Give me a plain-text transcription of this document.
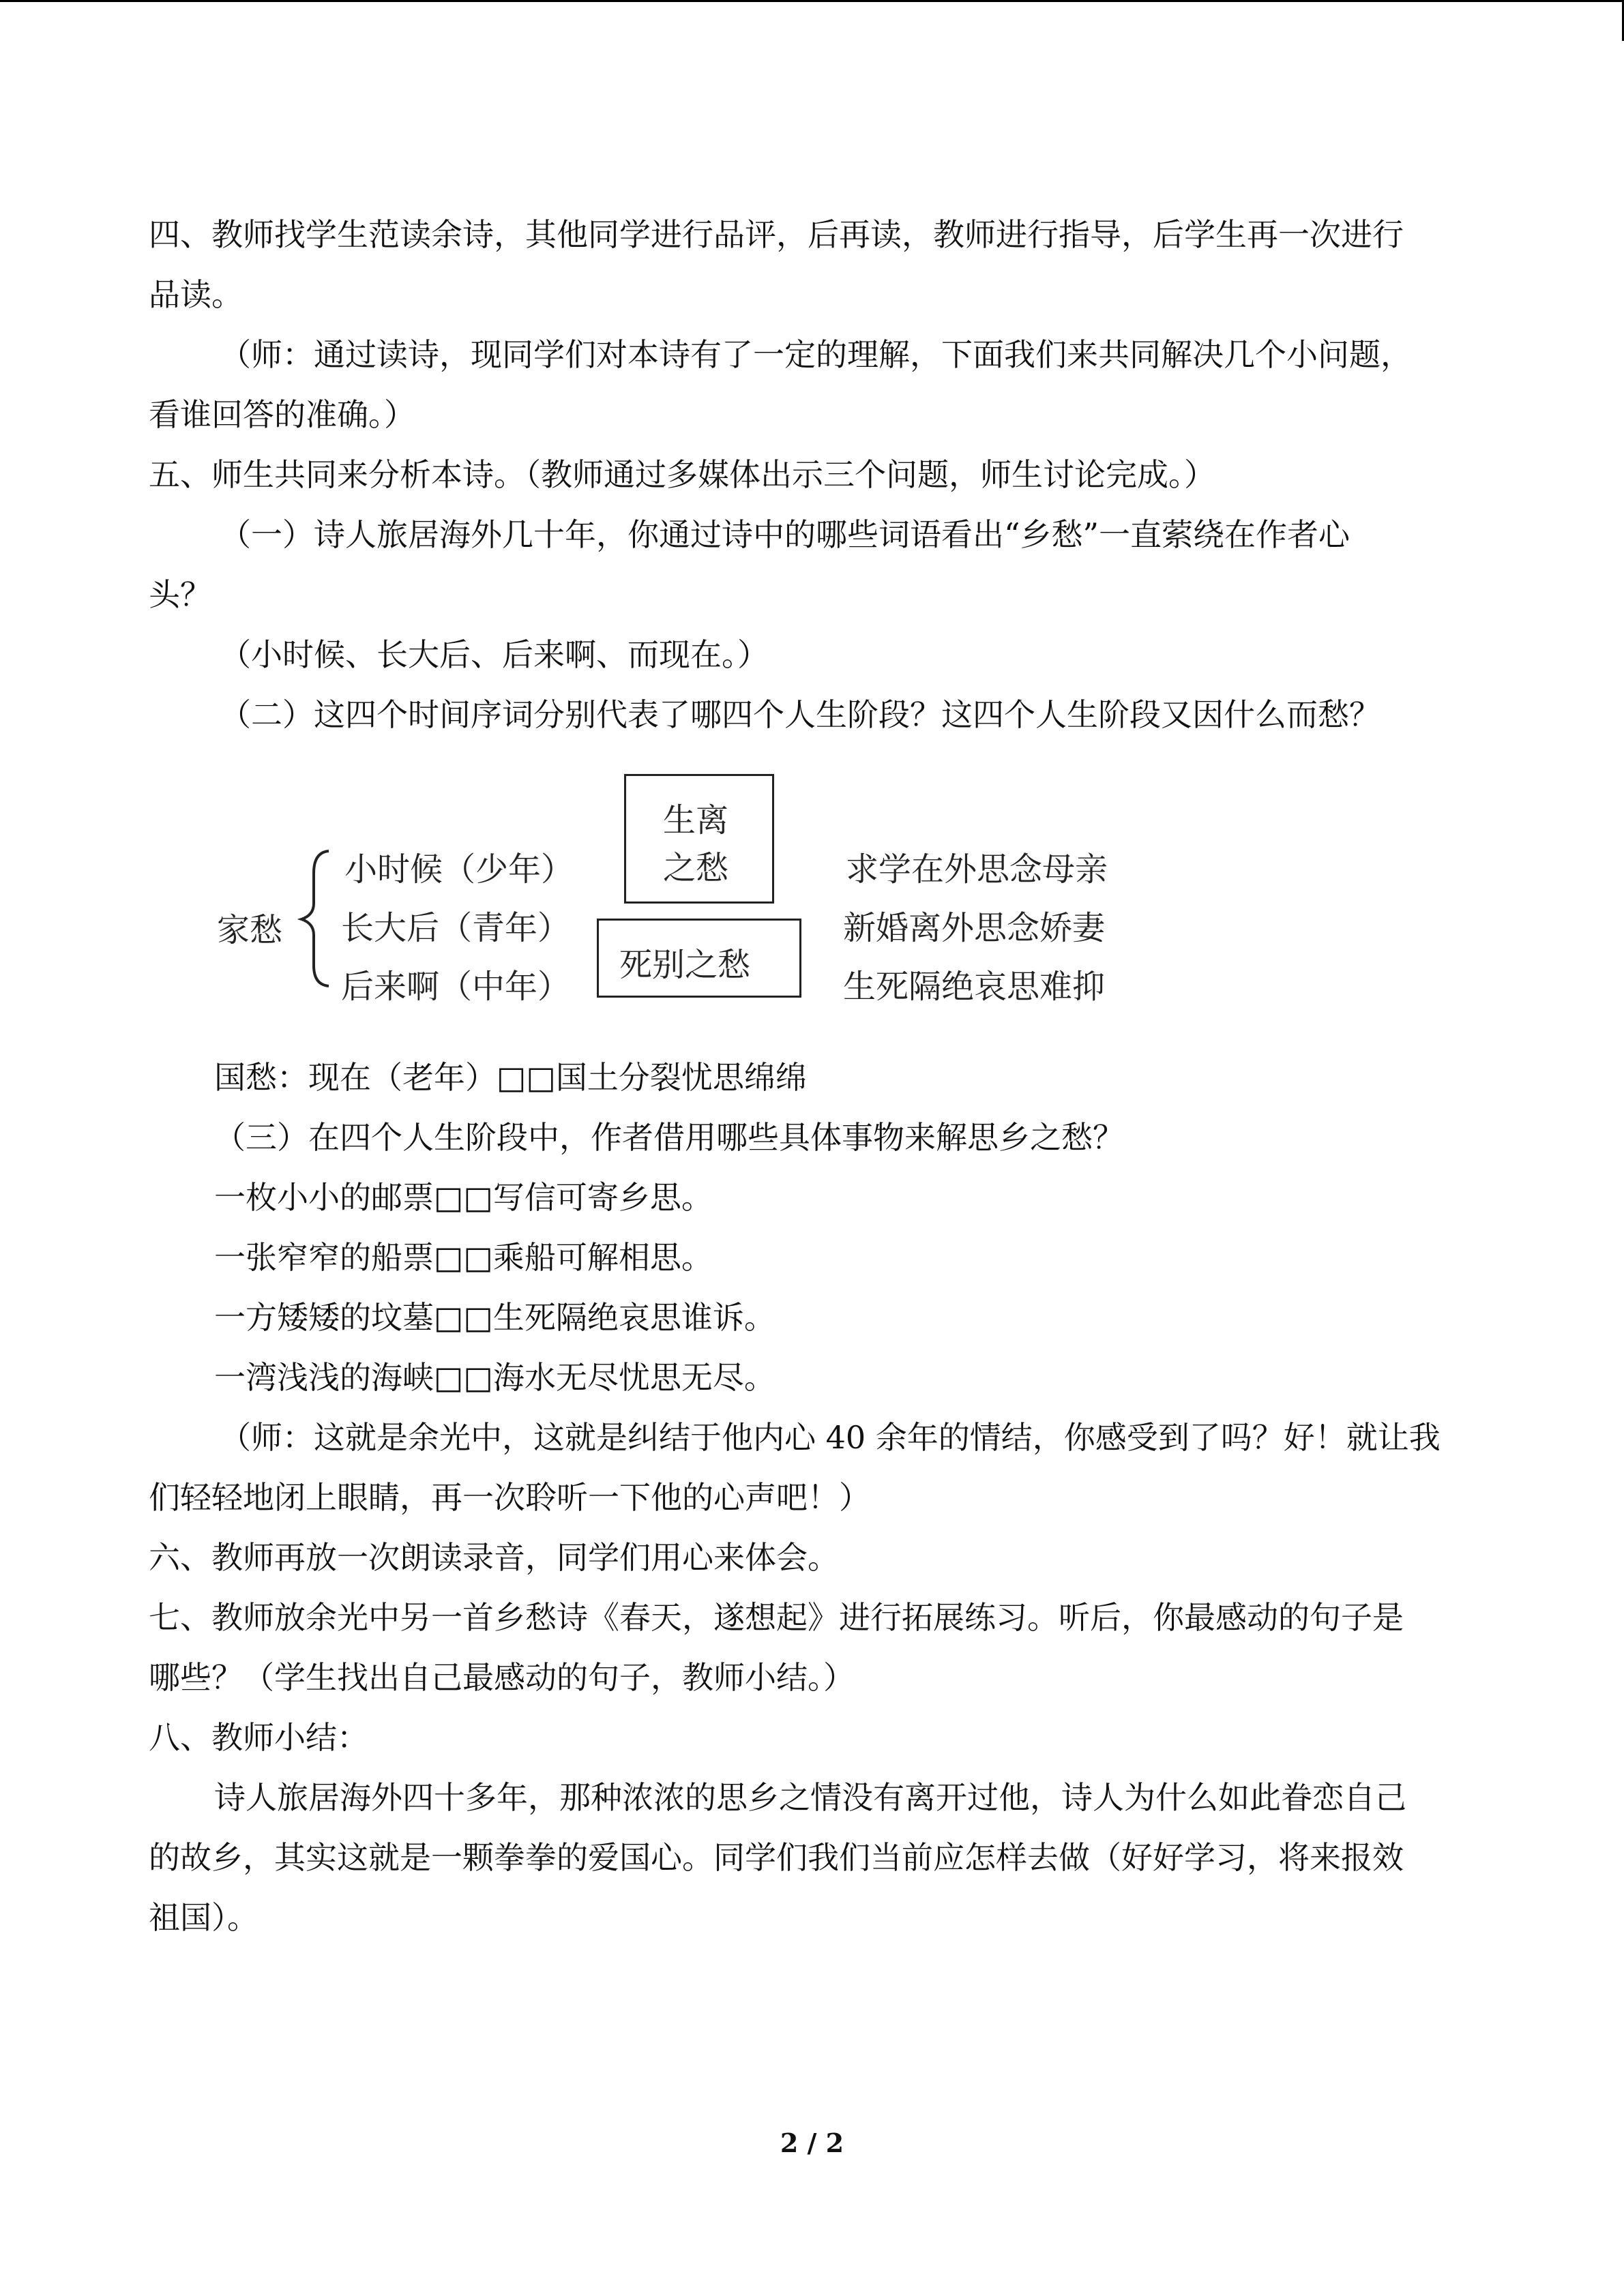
四、教师找学生范读余诗，其他同学进行品评，后再读，教师进行指导，后学生再一次进行

品读。

（师：通过读诗，现同学们对本诗有了一定的理解，下面我们来共同解决几个小问题，

看谁回答的准确。）

五、师生共同来分析本诗。（教师通过多媒体出示三个问题，师生讨论完成。）

（一）诗人旅居海外几十年，你通过诗中的哪些词语看出“乡愁”一直萦绕在作者心

头？

（小时候、长大后、后来啊、而现在。）

（二）这四个时间序词分别代表了哪四个人生阶段？这四个人生阶段又因什么而愁？

家愁
小时候（少年）
长大后（青年）
后来啊（中年）
生离
之愁
死别之愁
求学在外思念母亲
新婚离外思念娇妻
生死隔绝哀思难抑

国愁：现在（老年）□□国土分裂忧思绵绵

（三）在四个人生阶段中，作者借用哪些具体事物来解思乡之愁？

一枚小小的邮票□□写信可寄乡思。

一张窄窄的船票□□乘船可解相思。

一方矮矮的坟墓□□生死隔绝哀思谁诉。

一湾浅浅的海峡□□海水无尽忧思无尽。

（师：这就是余光中，这就是纠结于他内心 40 余年的情结，你感受到了吗？好！就让我

们轻轻地闭上眼睛，再一次聆听一下他的心声吧！）

六、教师再放一次朗读录音，同学们用心来体会。

七、教师放余光中另一首乡愁诗《春天，遂想起》进行拓展练习。听后，你最感动的句子是

哪些？（学生找出自己最感动的句子，教师小结。）

八、教师小结：

诗人旅居海外四十多年，那种浓浓的思乡之情没有离开过他，诗人为什么如此眷恋自己

的故乡，其实这就是一颗拳拳的爱国心。同学们我们当前应怎样去做（好好学习，将来报效

祖国）。

2 / 2
